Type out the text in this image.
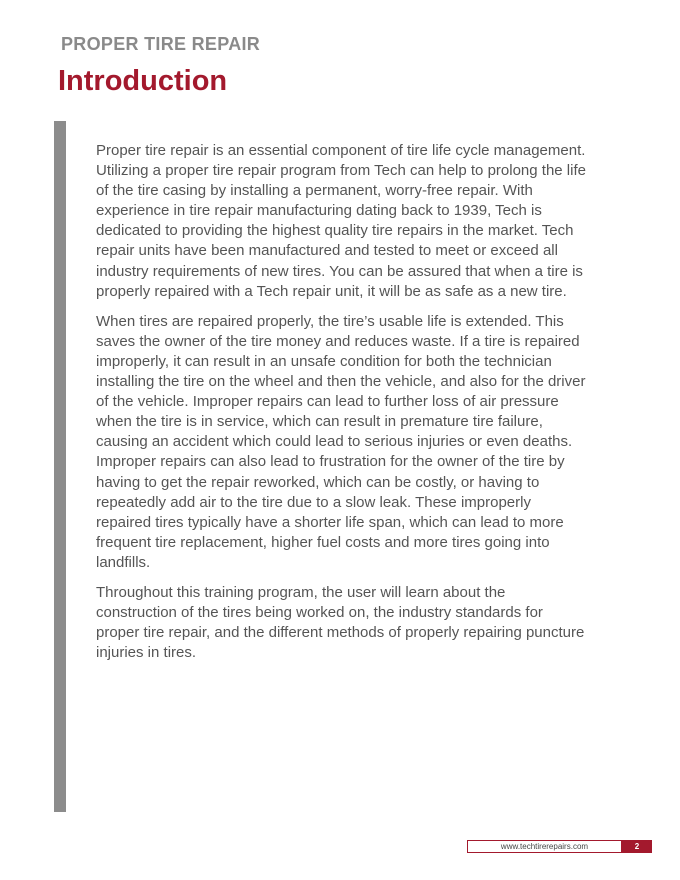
PROPER TIRE REPAIR
Introduction

Proper tire repair is an essential component of tire life cycle management. Utilizing a proper tire repair program from Tech can help to prolong the life of the tire casing by installing a permanent, worry-free repair. With experience in tire repair manufacturing dating back to 1939, Tech is dedicated to providing the highest quality tire repairs in the market. Tech repair units have been manufactured and tested to meet or exceed all industry requirements of new tires. You can be assured that when a tire is properly repaired with a Tech repair unit, it will be as safe as a new tire.

When tires are repaired properly, the tire’s usable life is extended. This saves the owner of the tire money and reduces waste. If a tire is repaired improperly, it can result in an unsafe condition for both the technician installing the tire on the wheel and then the vehicle, and also for the driver of the vehicle. Improper repairs can lead to further loss of air pressure when the tire is in service, which can result in premature tire failure, causing an accident which could lead to serious injuries or even deaths. Improper repairs can also lead to frustration for the owner of the tire by having to get the repair reworked, which can be costly, or having to repeatedly add air to the tire due to a slow leak. These improperly repaired tires typically have a shorter life span, which can lead to more frequent tire replacement, higher fuel costs and more tires going into landfills.

Throughout this training program, the user will learn about the construction of the tires being worked on, the industry standards for proper tire repair, and the different methods of properly repairing puncture injuries in tires.

www.techtirerepairs.com	2
